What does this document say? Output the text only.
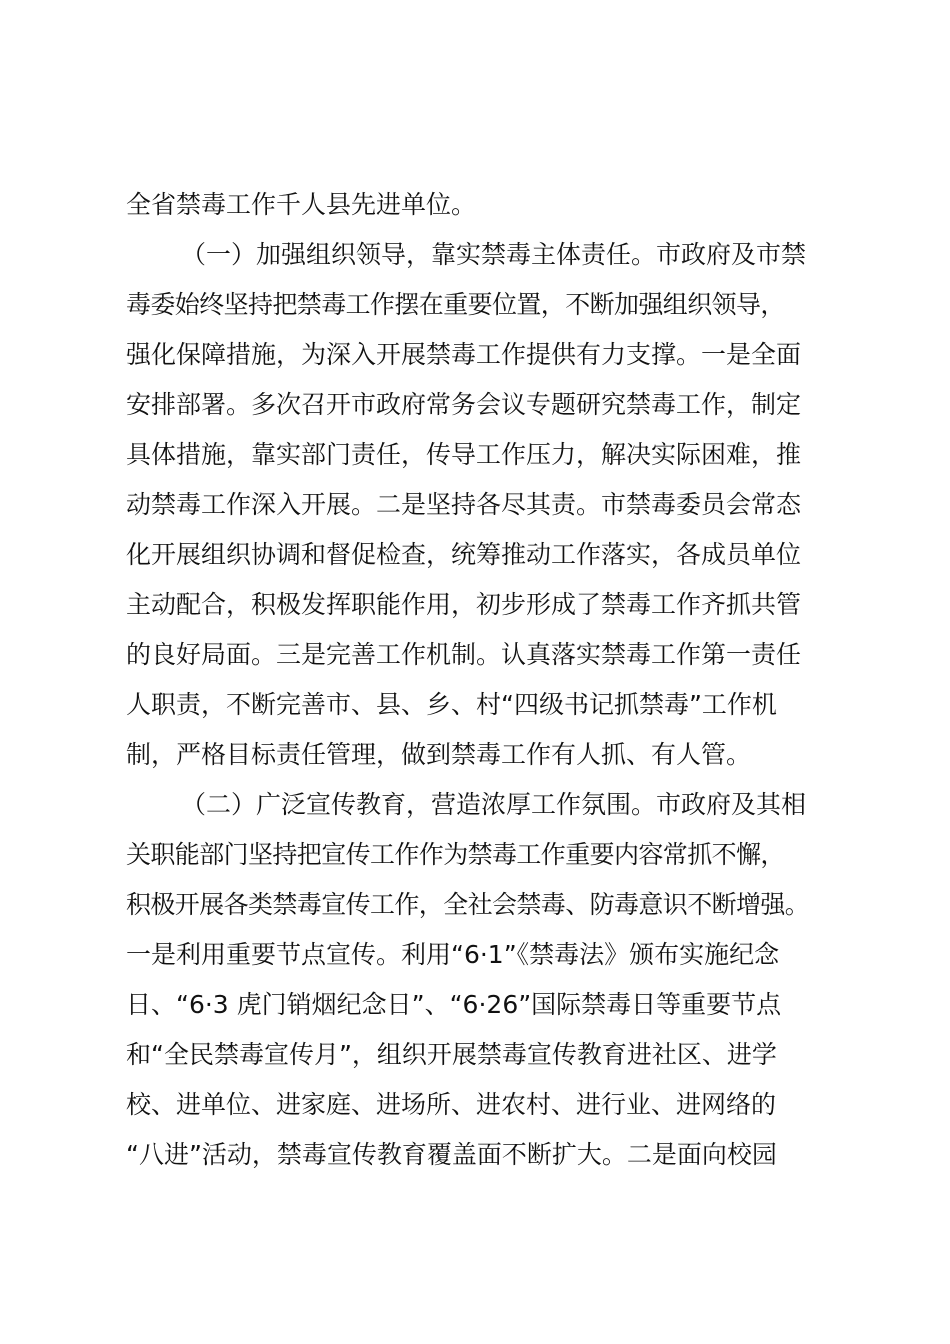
全省禁毒工作千人县先进单位。
（一）加强组织领导，靠实禁毒主体责任。市政府及市禁
毒委始终坚持把禁毒工作摆在重要位置，不断加强组织领导，
强化保障措施，为深入开展禁毒工作提供有力支撑。一是全面
安排部署。多次召开市政府常务会议专题研究禁毒工作，制定
具体措施，靠实部门责任，传导工作压力，解决实际困难，推
动禁毒工作深入开展。二是坚持各尽其责。市禁毒委员会常态
化开展组织协调和督促检查，统筹推动工作落实，各成员单位
主动配合，积极发挥职能作用，初步形成了禁毒工作齐抓共管
的良好局面。三是完善工作机制。认真落实禁毒工作第一责任
人职责，不断完善市、县、乡、村“四级书记抓禁毒”工作机
制，严格目标责任管理，做到禁毒工作有人抓、有人管。
（二）广泛宣传教育，营造浓厚工作氛围。市政府及其相
关职能部门坚持把宣传工作作为禁毒工作重要内容常抓不懈，
积极开展各类禁毒宣传工作，全社会禁毒、防毒意识不断增强。
一是利用重要节点宣传。利用“6·1”《禁毒法》颁布实施纪念
日、“6·3 虎门销烟纪念日”、“6·26”国际禁毒日等重要节点
和“全民禁毒宣传月”，组织开展禁毒宣传教育进社区、进学
校、进单位、进家庭、进场所、进农村、进行业、进网络的
“八进”活动，禁毒宣传教育覆盖面不断扩大。二是面向校园
